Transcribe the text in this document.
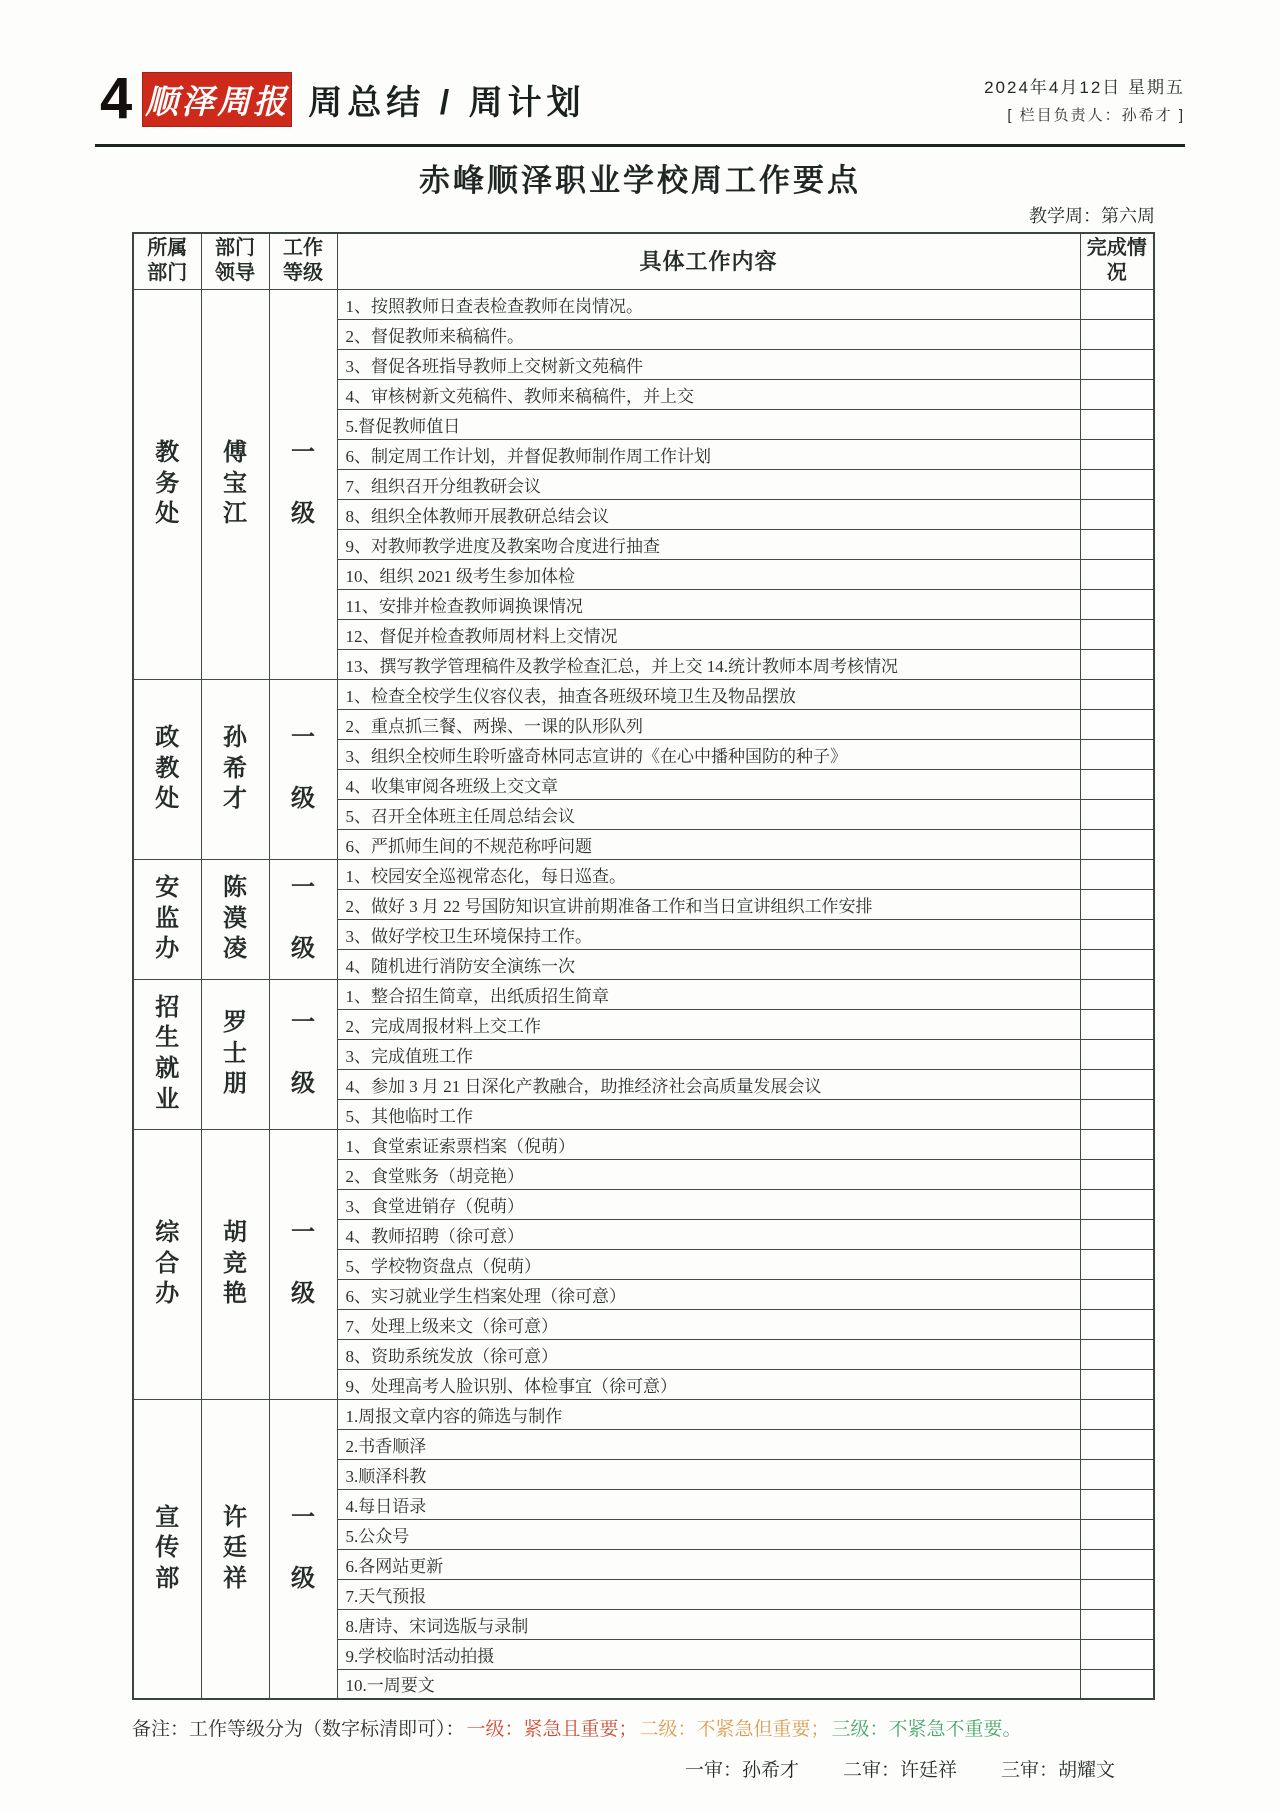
4 顺泽周报 周总结 / 周计划	2024年4月12日 星期五
[ 栏目负责人：孙希才 ]
赤峰顺泽职业学校周工作要点
教学周：第六周
所属部门	部门领导	工作等级	具体工作内容	完成情况

教
务
处	傅
宝
江	一
级	1、按照教师日查表检查教师在岗情况。	
			2、督促教师来稿稿件。	
			3、督促各班指导教师上交树新文苑稿件	
			4、审核树新文苑稿件、教师来稿稿件，并上交	
			5.督促教师值日	
			6、制定周工作计划，并督促教师制作周工作计划	
			7、组织召开分组教研会议	
			8、组织全体教师开展教研总结会议	
			9、对教师教学进度及教案吻合度进行抽查	
			10、组织 2021 级考生参加体检	
			11、安排并检查教师调换课情况	
			12、督促并检查教师周材料上交情况	
			13、撰写教学管理稿件及教学检查汇总，并上交 14.统计教师本周考核情况	

政
教
处	孙
希
才	一
级	1、检查全校学生仪容仪表，抽查各班级环境卫生及物品摆放	
			2、重点抓三餐、两操、一课的队形队列	
			3、组织全校师生聆听盛奇林同志宣讲的《在心中播种国防的种子》	
			4、收集审阅各班级上交文章	
			5、召开全体班主任周总结会议	
			6、严抓师生间的不规范称呼问题	

安
监
办	陈
漠
凌	一
级	1、校园安全巡视常态化，每日巡查。	
			2、做好 3 月 22 号国防知识宣讲前期准备工作和当日宣讲组织工作安排	
			3、做好学校卫生环境保持工作。	
			4、随机进行消防安全演练一次	

招
生
就
业	罗
士
朋	一
级	1、整合招生简章，出纸质招生简章	
			2、完成周报材料上交工作	
			3、完成值班工作	
			4、参加 3 月 21 日深化产教融合，助推经济社会高质量发展会议	
			5、其他临时工作	

综
合
办	胡
竞
艳	一
级	1、食堂索证索票档案（倪萌）	
			2、食堂账务（胡竞艳）	
			3、食堂进销存（倪萌）	
			4、教师招聘（徐可意）	
			5、学校物资盘点（倪萌）	
			6、实习就业学生档案处理（徐可意）	
			7、处理上级来文（徐可意）	
			8、资助系统发放（徐可意）	
			9、处理高考人脸识别、体检事宜（徐可意）	

宣
传
部	许
廷
祥	一
级	1.周报文章内容的筛选与制作	
			2.书香顺泽	
			3.顺泽科教	
			4.每日语录	
			5.公众号	
			6.各网站更新	
			7.天气预报	
			8.唐诗、宋词选版与录制	
			9.学校临时活动拍摄	
			10.一周要文	
备注：工作等级分为（数字标清即可）： 一级：紧急且重要； 二级：不紧急但重要； 三级：不紧急不重要。
一审：孙希才 二审：许廷祥 三审：胡耀文
